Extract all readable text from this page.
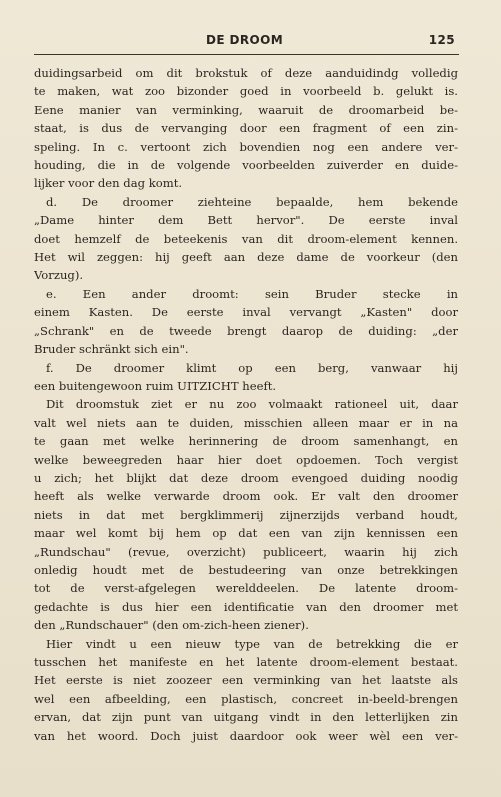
DE DROOM	125
duidingsarbeid om dit brokstuk of deze aanduidindg volledig
te maken, wat zoo bizonder goed in voorbeeld b. gelukt is.
Eene manier van verminking, waaruit de droomarbeid be-
staat, is dus de vervanging door een fragment of een zin-
speling. In c. vertoont zich bovendien nog een andere ver-
houding, die in de volgende voorbeelden zuiverder en duide-
lijker voor den dag komt.
d. De droomer ziehteine bepaalde, hem bekende
„Dame hinter dem Bett hervor". De eerste inval
doet hemzelf de beteekenis van dit droom-element kennen.
Het wil zeggen: hij geeft aan deze dame de voorkeur (den
Vorzug).
e. Een ander droomt: sein Bruder stecke in
einem Kasten. De eerste inval vervangt „Kasten" door
„Schrank" en de tweede brengt daarop de duiding: „der
Bruder schränkt sich ein".
f. De droomer klimt op een berg, vanwaar hij
een buitengewoon ruim UITZICHT heeft.
Dit droomstuk ziet er nu zoo volmaakt rationeel uit, daar
valt wel niets aan te duiden, misschien alleen maar er in na
te gaan met welke herinnering de droom samenhangt, en
welke beweegreden haar hier doet opdoemen. Toch vergist
u zich; het blijkt dat deze droom evengoed duiding noodig
heeft als welke verwarde droom ook. Er valt den droomer
niets in dat met bergklimmerij zijnerzijds verband houdt,
maar wel komt bij hem op dat een van zijn kennissen een
„Rundschau" (revue, overzicht) publiceert, waarin hij zich
onledig houdt met de bestudeering van onze betrekkingen
tot de verst-afgelegen werelddeelen. De latente droom-
gedachte is dus hier een identificatie van den droomer met
den „Rundschauer" (den om-zich-heen ziener).
Hier vindt u een nieuw type van de betrekking die er
tusschen het manifeste en het latente droom-element bestaat.
Het eerste is niet zoozeer een verminking van het laatste als
wel een afbeelding, een plastisch, concreet in-beeld-brengen
ervan, dat zijn punt van uitgang vindt in den letterlijken zin
van het woord. Doch juist daardoor ook weer wèl een ver-
